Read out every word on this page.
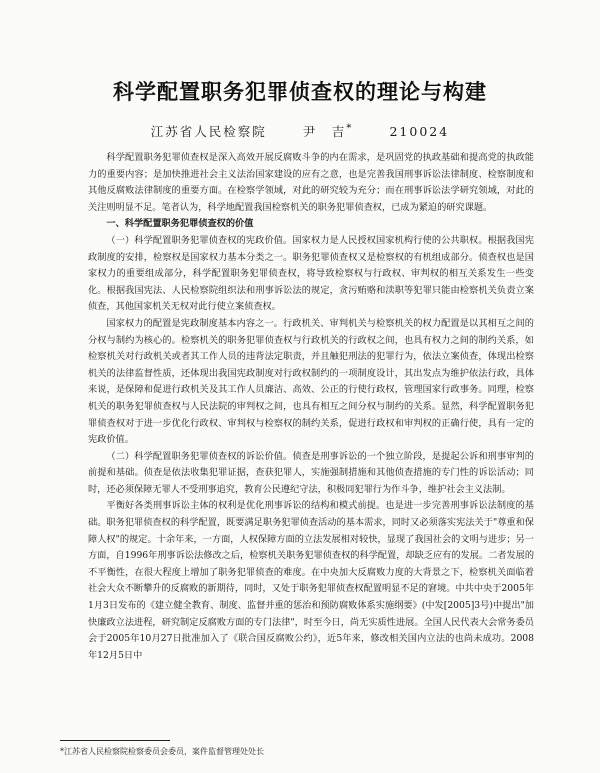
科学配置职务犯罪侦查权的理论与构建
江苏省人民检察院	尹　吉*	210024

科学配置职务犯罪侦查权是深入高效开展反腐败斗争的内在需求，是巩固党的执政基础和提高党的执政能力的重要内容；是加快推进社会主义法治国家建设的应有之意，也是完善我国刑事诉讼法律制度、检察制度和其他反腐败法律制度的重要方面。在检察学领域，对此的研究较为充分；而在刑事诉讼法学研究领域，对此的关注则明显不足。笔者认为，科学地配置我国检察机关的职务犯罪侦查权，已成为紧迫的研究课题。

一、科学配置职务犯罪侦查权的价值

（一）科学配置职务犯罪侦查权的宪政价值。国家权力是人民授权国家机构行使的公共职权。根据我国宪政制度的安排，检察权是国家权力基本分类之一。职务犯罪侦查权又是检察权的有机组成部分。侦查权也是国家权力的重要组成部分，科学配置职务犯罪侦查权，将导致检察权与行政权、审判权的相互关系发生一些变化。根据我国宪法、人民检察院组织法和刑事诉讼法的规定，贪污贿赂和渎职等犯罪只能由检察机关负责立案侦查，其他国家机关无权对此行使立案侦查权。

国家权力的配置是宪政制度基本内容之一。行政机关、审判机关与检察机关的权力配置是以其相互之间的分权与制约为核心的。检察机关的职务犯罪侦查权与行政机关的行政权之间，也具有权力之间的制约关系，如检察机关对行政机关或者其工作人员的违背法定职责，并且触犯刑法的犯罪行为，依法立案侦查，体现出检察机关的法律监督性质，还体现出我国宪政制度对行政权制约的一项制度设计，其出发点为维护依法行政，具体来说，是保障和促进行政机关及其工作人员廉洁、高效、公正的行使行政权，管理国家行政事务。同理，检察机关的职务犯罪侦查权与人民法院的审判权之间，也具有相互之间分权与制约的关系。显然，科学配置职务犯罪侦查权对于进一步优化行政权、审判权与检察权的制约关系，促进行政权和审判权的正确行使，具有一定的宪政价值。

（二）科学配置职务犯罪侦查权的诉讼价值。侦查是刑事诉讼的一个独立阶段，是提起公诉和刑事审判的前提和基础。侦查是依法收集犯罪证据，查获犯罪人，实施强制措施和其他侦查措施的专门性的诉讼活动；同时，还必须保障无罪人不受刑事追究，教育公民遵纪守法，积极同犯罪行为作斗争，维护社会主义法制。

平衡好各类刑事诉讼主体的权利是优化刑事诉讼的结构和模式前提。也是进一步完善刑事诉讼法制度的基础。职务犯罪侦查权的科学配置，既要满足职务犯罪侦查活动的基本需求，同时又必须落实宪法关于"尊重和保障人权"的规定。十余年来，一方面，人权保障方面的立法发展相对较快，显现了我国社会的文明与进步；另一方面，自1996年刑事诉讼法修改之后，检察机关职务犯罪侦查权的科学配置，却缺乏应有的发展。二者发展的不平衡性，在很大程度上增加了职务犯罪侦查的难度。在中央加大反腐败力度的大背景之下，检察机关面临着社会大众不断攀升的反腐败的新期待，同时，又处于职务犯罪侦查权配置明显不足的窘境。中共中央于2005年1月3日发布的《建立健全教育、制度、监督并重的惩治和预防腐败体系实施纲要》(中发[2005]3号)中提出"加快廉政立法进程，研究制定反腐败方面的专门法律"，时至今日，尚无实质性进展。全国人民代表大会常务委员会于2005年10月27日批准加入了《联合国反腐败公约》，近5年来，修改相关国内立法的也尚未成功。2008年12月5日中

*江苏省人民检察院检察委员会委员，案件监督管理处处长
